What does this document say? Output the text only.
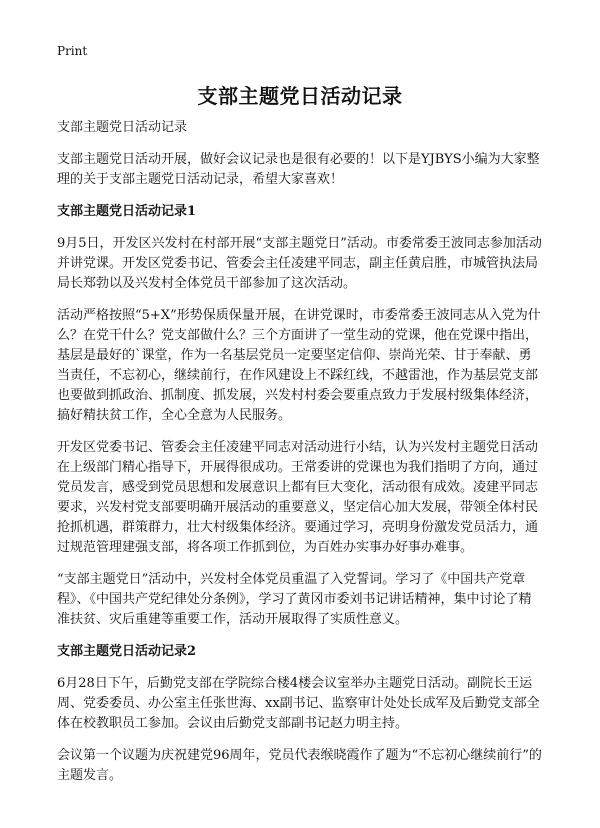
Print
支部主题党日活动记录

支部主题党日活动记录

支部主题党日活动开展，做好会议记录也是很有必要的！以下是YJBYS小编为大家整理的关于支部主题党日活动记录，希望大家喜欢！

支部主题党日活动记录1

9月5日，开发区兴发村在村部开展“支部主题党日”活动。市委常委王波同志参加活动并讲党课。开发区党委书记、管委会主任凌建平同志，副主任黄启胜，市城管执法局局长郑勃以及兴发村全体党员干部参加了这次活动。

活动严格按照“5+X”形势保质保量开展，在讲党课时，市委常委王波同志从入党为什么？在党干什么？党支部做什么？三个方面讲了一堂生动的党课，他在党课中指出，基层是最好的`课堂，作为一名基层党员一定要坚定信仰、崇尚光荣、甘于奉献、勇当责任，不忘初心，继续前行，在作风建设上不踩红线，不越雷池，作为基层党支部也要做到抓政治、抓制度、抓发展，兴发村村委会要重点致力于发展村级集体经济，搞好精扶贫工作，全心全意为人民服务。

开发区党委书记、管委会主任凌建平同志对活动进行小结，认为兴发村主题党日活动在上级部门精心指导下，开展得很成功。王常委讲的党课也为我们指明了方向，通过党员发言，感受到党员思想和发展意识上都有巨大变化，活动很有成效。凌建平同志要求，兴发村党支部要明确开展活动的重要意义，坚定信心加大发展，带领全体村民抢抓机遇，群策群力，壮大村级集体经济。要通过学习，亮明身份激发党员活力，通过规范管理建强支部，将各项工作抓到位，为百姓办实事办好事办难事。

“支部主题党日”活动中，兴发村全体党员重温了入党誓词。学习了《中国共产党章程》、《中国共产党纪律处分条例》，学习了黄冈市委刘书记讲话精神，集中讨论了精准扶贫、灾后重建等重要工作，活动开展取得了实质性意义。

支部主题党日活动记录2

6月28日下午，后勤党支部在学院综合楼4楼会议室举办主题党日活动。副院长王运周、党委委员、办公室主任张世海、xx副书记、监察审计处处长成军及后勤党支部全体在校教职员工参加。会议由后勤党支部副书记赵力明主持。

会议第一个议题为庆祝建党96周年，党员代表缑晓霞作了题为“不忘初心继续前行”的主题发言。
